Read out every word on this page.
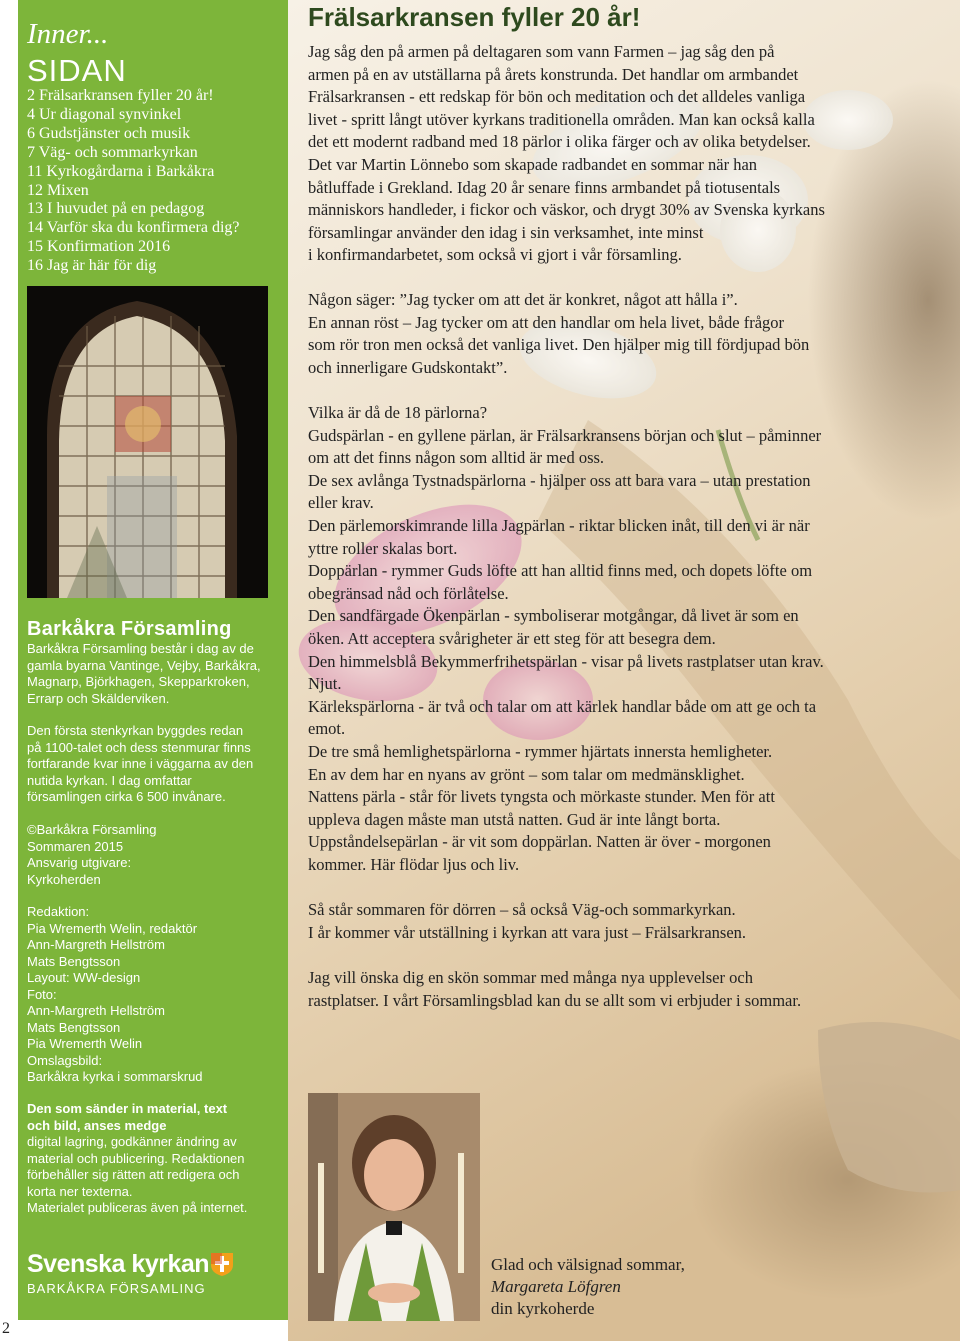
Inner...
SIDAN
2 Frälsarkransen fyller 20 år!
4 Ur diagonal synvinkel
6 Gudstjänster och musik
7 Väg- och sommarkyrkan
11 Kyrkogårdarna i Barkåkra
12 Mixen
13 I huvudet på en pedagog
14 Varför ska du konfirmera dig?
15 Konfirmation 2016
16 Jag är här för dig
Barkåkra Församling

Barkåkra Församling består i dag av de
gamla byarna Vantinge, Vejby, Barkåkra,
Magnarp, Björkhagen, Skepparkroken,
Errarp och Skälderviken.

Den första stenkyrkan byggdes redan
på 1100-talet och dess stenmurar finns
fortfarande kvar inne i väggarna av den
nutida kyrkan. I dag omfattar
församlingen cirka 6 500 invånare.

©Barkåkra Församling
Sommaren 2015
Ansvarig utgivare:
Kyrkoherden

Redaktion:
Pia Wremerth Welin, redaktör
Ann-Margreth Hellström
Mats Bengtsson
Layout: WW-design
Foto:
Ann-Margreth Hellström
Mats Bengtsson
Pia Wremerth Welin
Omslagsbild:
Barkåkra kyrka i sommarskrud

Den som sänder in material, text
och bild, anses medge
digital lagring, godkänner ändring av
material och publicering. Redaktionen
förbehåller sig rätten att redigera och
korta ner texterna.
Materialet publiceras även på internet.

Svenska kyrkan
BARKÅKRA FÖRSAMLING
2
Frälsarkransen fyller 20 år!
Jag såg den på armen på deltagaren som vann Farmen – jag såg den på
armen på en av utställarna på årets konstrunda. Det handlar om armbandet
Frälsarkransen - ett redskap för bön och meditation och det alldeles vanliga
livet - spritt långt utöver kyrkans traditionella områden. Man kan också kalla
det ett modernt radband med 18 pärlor i olika färger och av olika betydelser.
Det var Martin Lönnebo som skapade radbandet en sommar när han
båtluffade i Grekland. Idag 20 år senare finns armbandet på tiotusentals
människors handleder, i fickor och väskor, och drygt 30% av Svenska kyrkans
församlingar använder den idag i sin verksamhet, inte minst
i konfirmandarbetet, som också vi gjort i vår församling.
Någon säger: ”Jag tycker om att det är konkret, något att hålla i”.
En annan röst – Jag tycker om att den handlar om hela livet, både frågor
som rör tron men också det vanliga livet. Den hjälper mig till fördjupad bön
och innerligare Gudskontakt”.
Vilka är då de 18 pärlorna?
Gudspärlan - en gyllene pärlan, är Frälsarkransens början och slut – påminner
om att det finns någon som alltid är med oss.
De sex avlånga Tystnadspärlorna - hjälper oss att bara vara – utan prestation
eller krav.
Den pärlemorskimrande lilla Jagpärlan - riktar blicken inåt, till den vi är när
yttre roller skalas bort.
Doppärlan - rymmer Guds löfte att han alltid finns med, och dopets löfte om
obegränsad nåd och förlåtelse.
Den sandfärgade Ökenpärlan - symboliserar motgångar, då livet är som en
öken. Att acceptera svårigheter är ett steg för att besegra dem.
Den himmelsblå Bekymmerfrihetspärlan - visar på livets rastplatser utan krav.
Njut.
Kärlekspärlorna - är två och talar om att kärlek handlar både om att ge och ta
emot.
De tre små hemlighetspärlorna - rymmer hjärtats innersta hemligheter.
En av dem har en nyans av grönt – som talar om medmänsklighet.
Nattens pärla - står för livets tyngsta och mörkaste stunder. Men för att
uppleva dagen måste man utstå natten. Gud är inte långt borta.
Uppståndelsepärlan - är vit som doppärlan. Natten är över - morgonen
kommer. Här flödar ljus och liv.
Så står sommaren för dörren – så också Väg-och sommarkyrkan.
I år kommer vår utställning i kyrkan att vara just – Frälsarkransen.
Jag vill önska dig en skön sommar med många nya upplevelser och
rastplatser. I vårt Församlingsblad kan du se allt som vi erbjuder i sommar.
Glad och välsignad sommar,
Margareta Löfgren
din kyrkoherde
